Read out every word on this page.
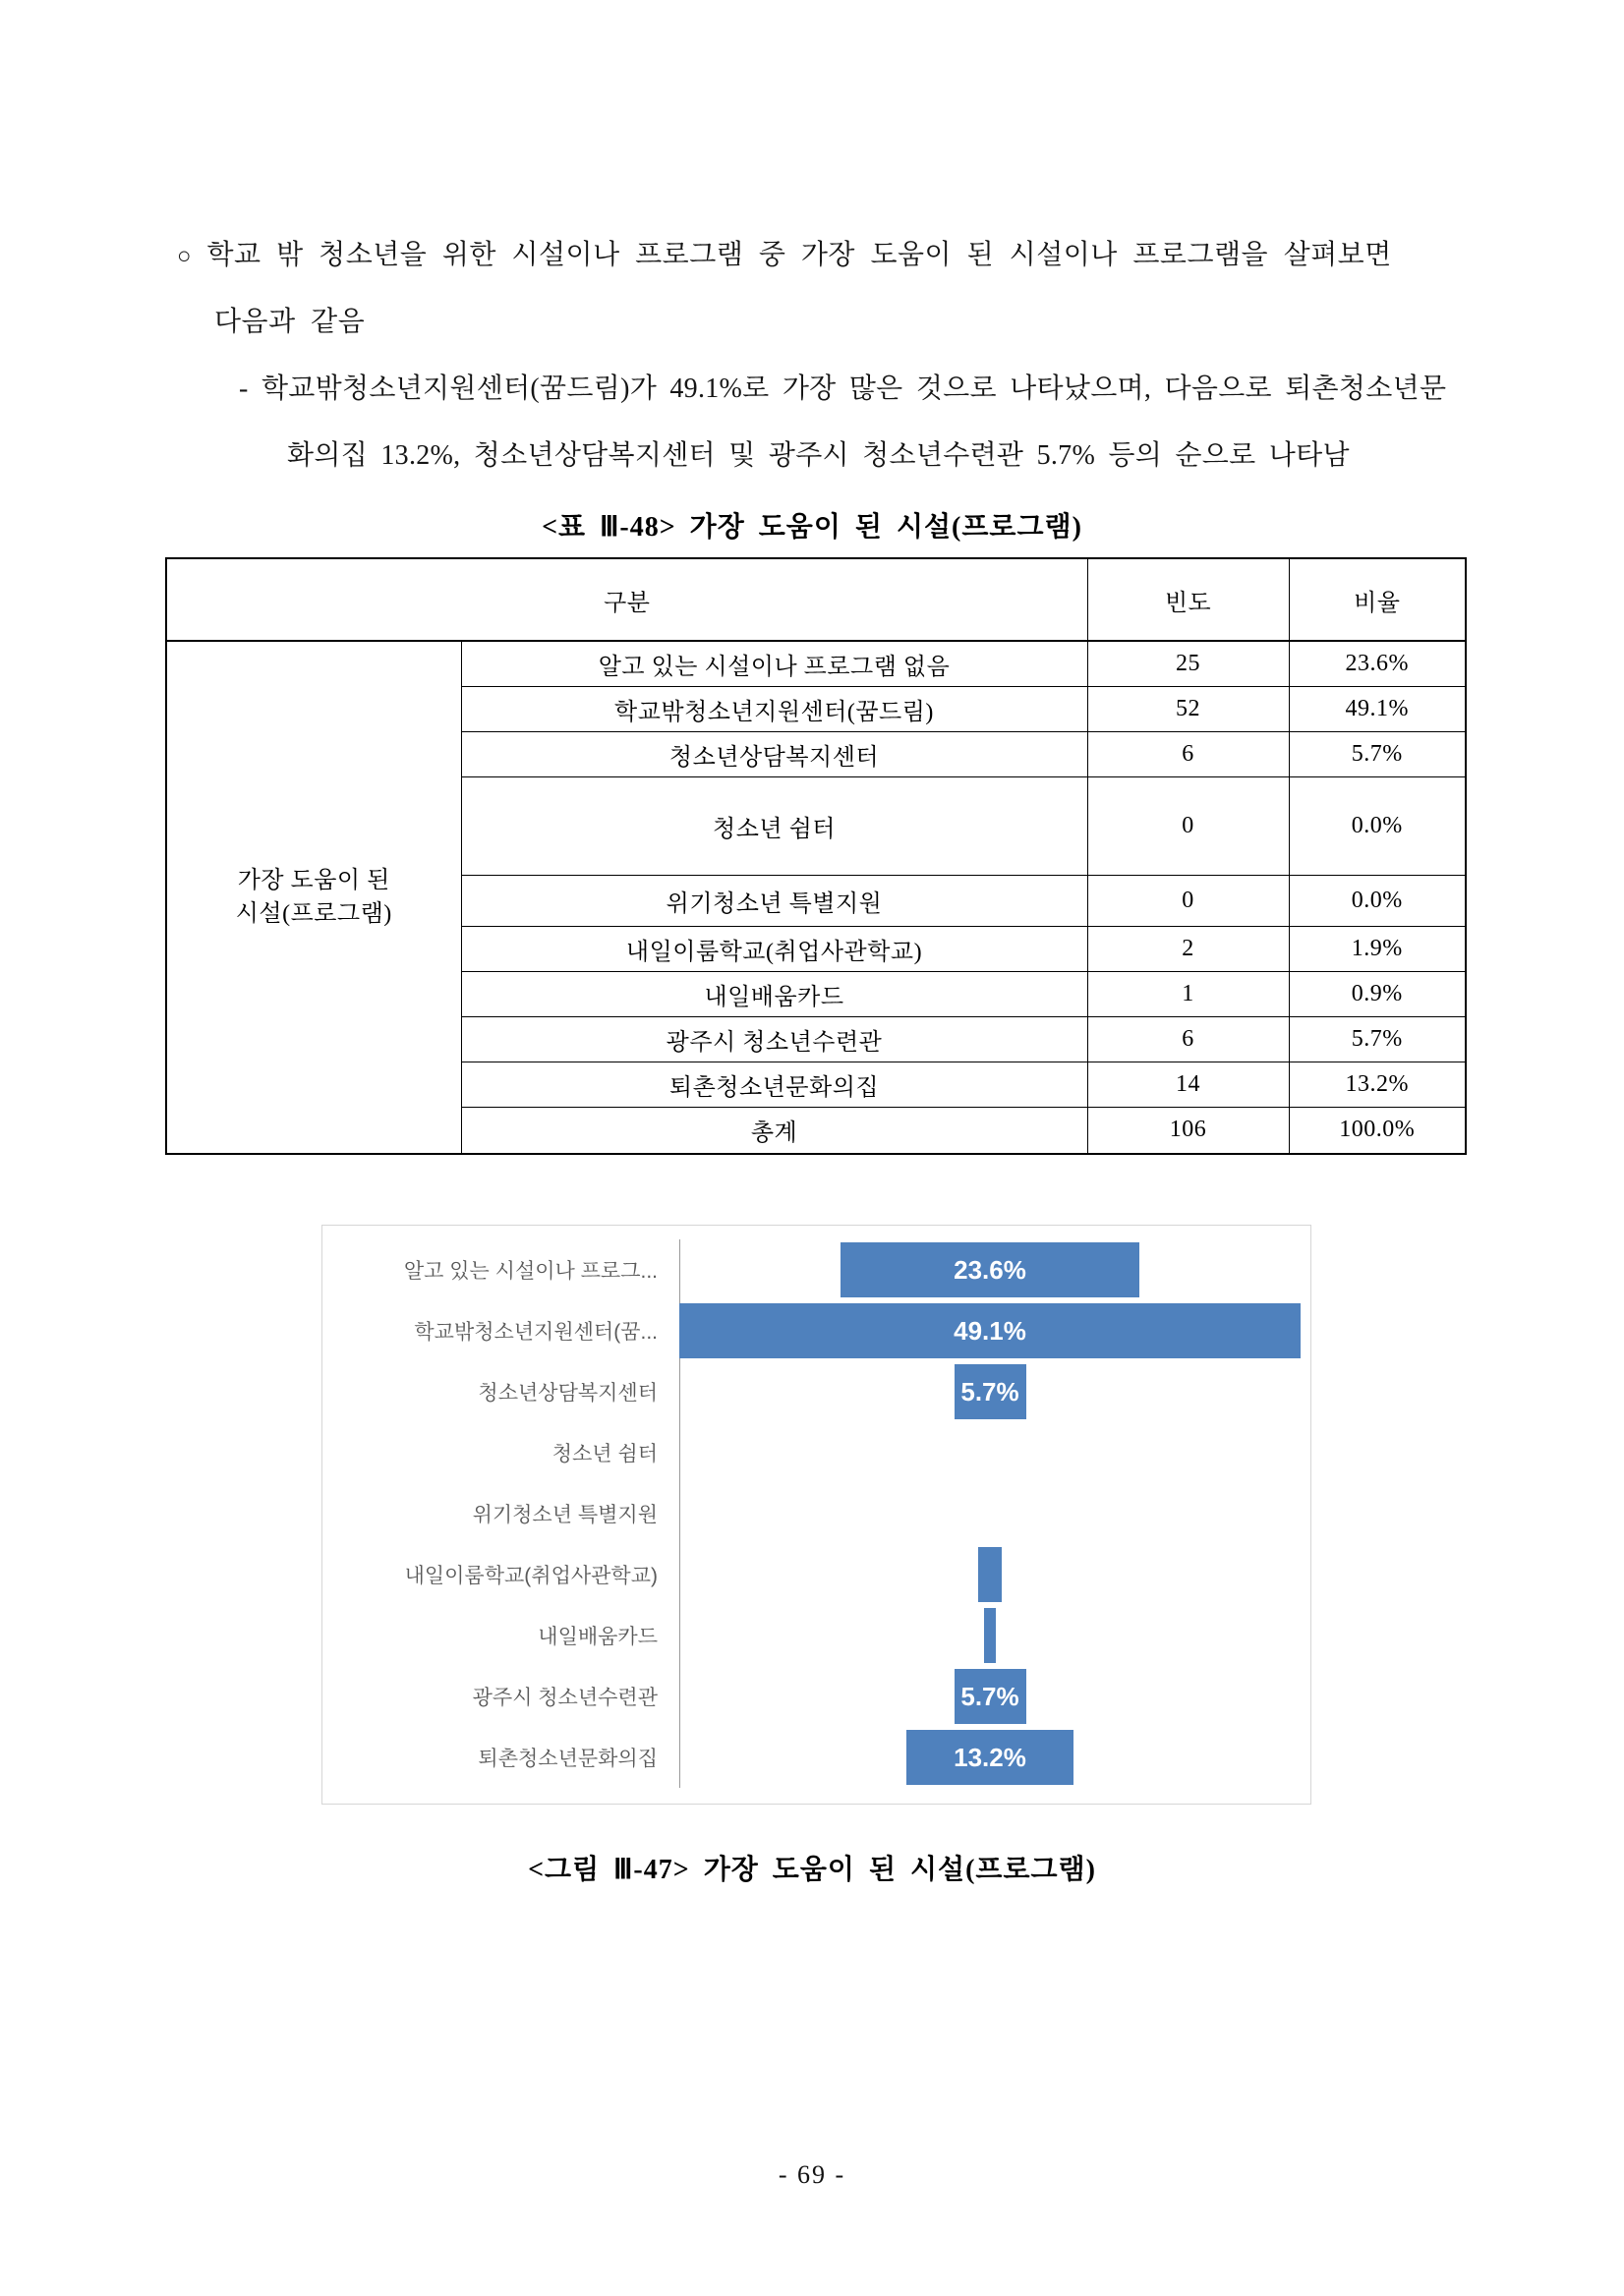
○ 학교 밖 청소년을 위한 시설이나 프로그램 중 가장 도움이 된 시설이나 프로그램을 살펴보면
다음과 같음
- 학교밖청소년지원센터(꿈드림)가 49.1%로 가장 많은 것으로 나타났으며, 다음으로 퇴촌청소년문
화의집 13.2%, 청소년상담복지센터 및 광주시 청소년수련관 5.7% 등의 순으로 나타남
<표 Ⅲ-48> 가장 도움이 된 시설(프로그램)
구분		빈도	비율

가장 도움이 된
시설(프로그램)	알고 있는 시설이나 프로그램 없음	25	23.6%
	학교밖청소년지원센터(꿈드림)	52	49.1%
	청소년상담복지센터	6	5.7%
	청소년 쉼터	0	0.0%
	위기청소년 특별지원	0	0.0%
	내일이룸학교(취업사관학교)	2	1.9%
	내일배움카드	1	0.9%
	광주시 청소년수련관	6	5.7%
	퇴촌청소년문화의집	14	13.2%
	총계	106	100.0%
알고 있는 시설이나 프로그...	23.6%
학교밖청소년지원센터(꿈...	49.1%
청소년상담복지센터	5.7%
청소년 쉼터
위기청소년 특별지원
내일이룸학교(취업사관학교)
내일배움카드
광주시 청소년수련관	5.7%
퇴촌청소년문화의집	13.2%
<그림 Ⅲ-47> 가장 도움이 된 시설(프로그램)
- 69 -
